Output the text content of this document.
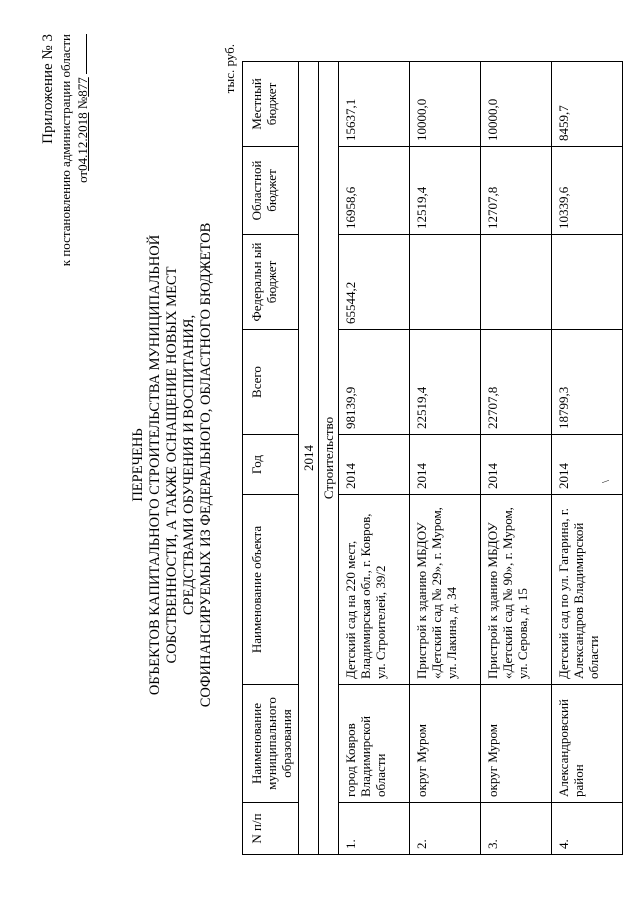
Приложение № 3 к постановлению администрации области от04.12.2018 №877
ПЕРЕЧЕНЬ ОБЪЕКТОВ КАПИТАЛЬНОГО СТРОИТЕЛЬСТВА МУНИЦИПАЛЬНОЙ СОБСТВЕННОСТИ, А ТАКЖЕ ОСНАЩЕНИЕ НОВЫХ МЕСТ СРЕДСТВАМИ ОБУЧЕНИЯ И ВОСПИТАНИЯ, СОФИНАНСИРУЕМЫХ ИЗ ФЕДЕРАЛЬНОГО, ОБЛАСТНОГО БЮДЖЕТОВ
тыс. руб.
N п/п	Наименование муниципального образования	Наименование объекта	Год	Всего	Федеральн ый бюджет	Областной бюджет	Местный бюджет
2014							
Строительство							
1.	город Ковров Владимирской области	Детский сад на 220 мест, Владимирская обл., г. Ковров, ул. Строителей, 39/2	2014	98139,9	65544,2	16958,6	15637,1
2.	округ Муром	Пристрой к зданию МБДОУ «Детский сад № 29», г. Муром, ул. Лакина, д. 34	2014	22519,4		12519,4	10000,0
3.	округ Муром	Пристрой к зданию МБДОУ «Детский сад № 90», г. Муром, ул. Серова, д. 15	2014	22707,8		12707,8	10000,0
4.	Александровский район	Детский сад по ул. Гагарина, г. Александров Владимирской области	2014 \	18799,3		10339,6	8459,7
